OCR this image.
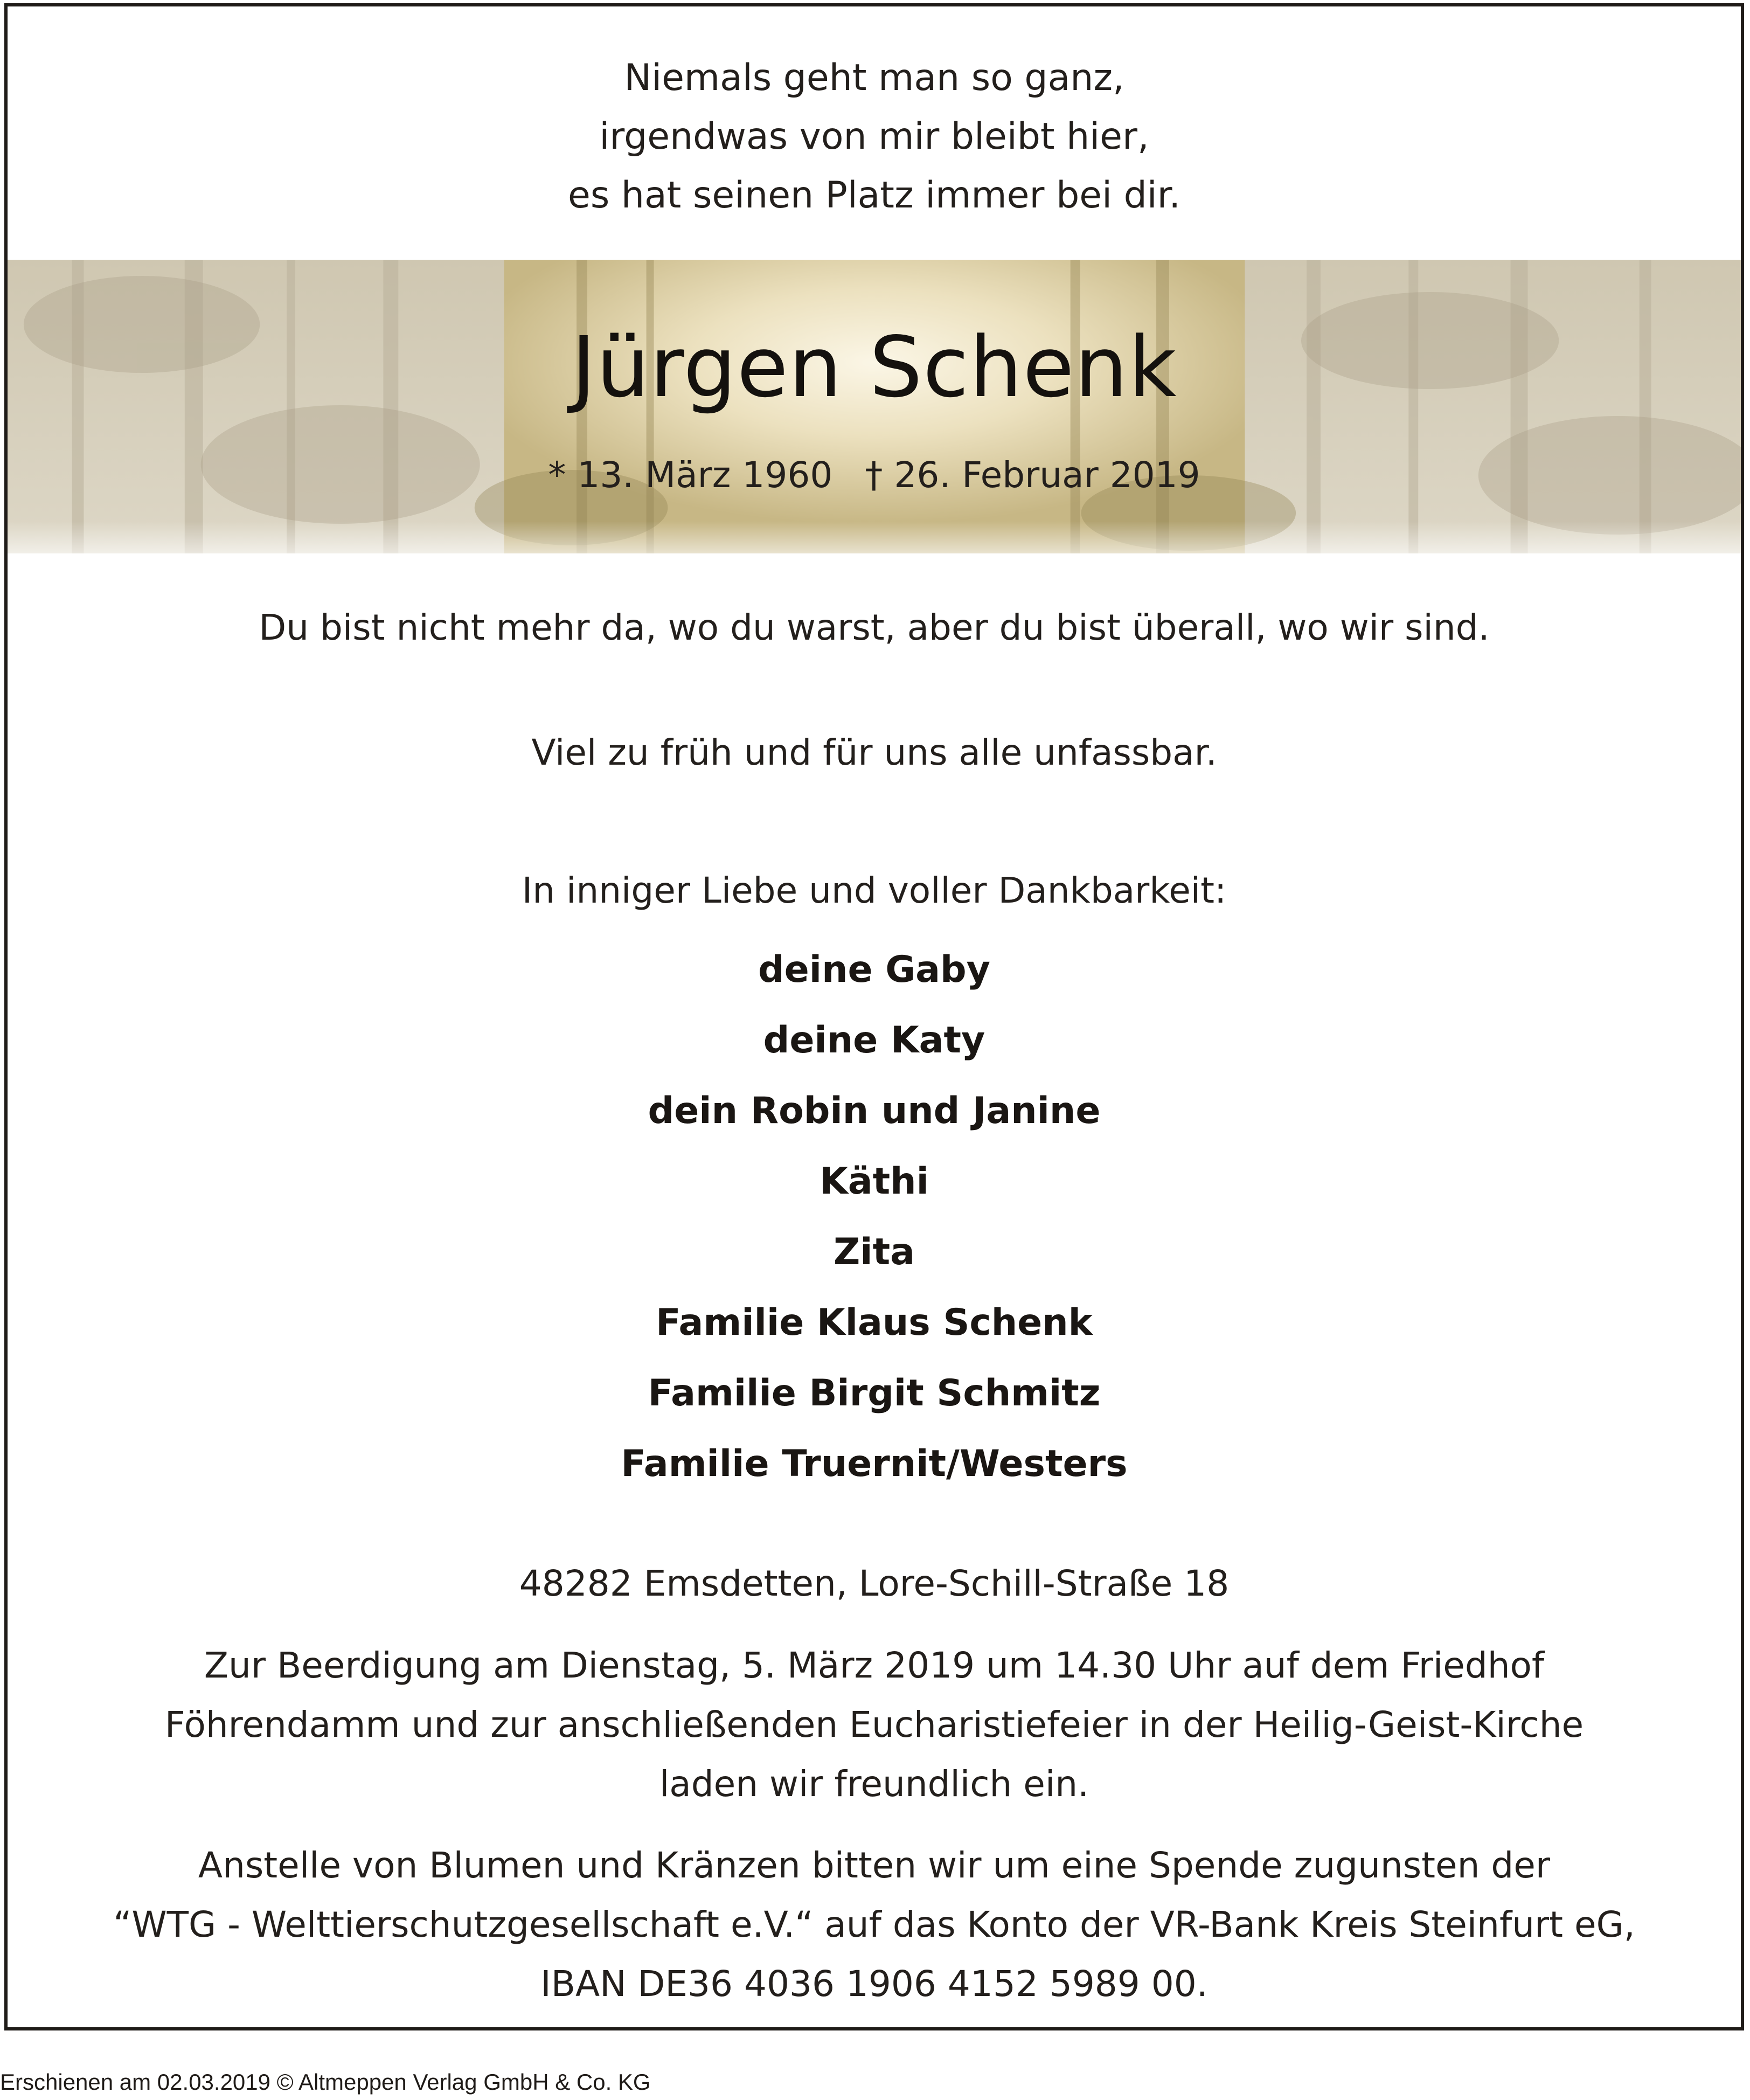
Niemals geht man so ganz,
irgendwas von mir bleibt hier,
es hat seinen Platz immer bei dir.
Jürgen Schenk
* 13. März 1960 † 26. Februar 2019
Du bist nicht mehr da, wo du warst, aber du bist überall, wo wir sind.
Viel zu früh und für uns alle unfassbar.
In inniger Liebe und voller Dankbarkeit:
deine Gaby
deine Katy
dein Robin und Janine
Käthi
Zita
Familie Klaus Schenk
Familie Birgit Schmitz
Familie Truernit/Westers
48282 Emsdetten, Lore-Schill-Straße 18
Zur Beerdigung am Dienstag, 5. März 2019 um 14.30 Uhr auf dem Friedhof
Föhrendamm und zur anschließenden Eucharistiefeier in der Heilig-Geist-Kirche
laden wir freundlich ein.
Anstelle von Blumen und Kränzen bitten wir um eine Spende zugunsten der
“WTG - Welttierschutzgesellschaft e.V.“ auf das Konto der VR-Bank Kreis Steinfurt eG,
IBAN DE36 4036 1906 4152 5989 00.
Erschienen am 02.03.2019 © Altmeppen Verlag GmbH & Co. KG
